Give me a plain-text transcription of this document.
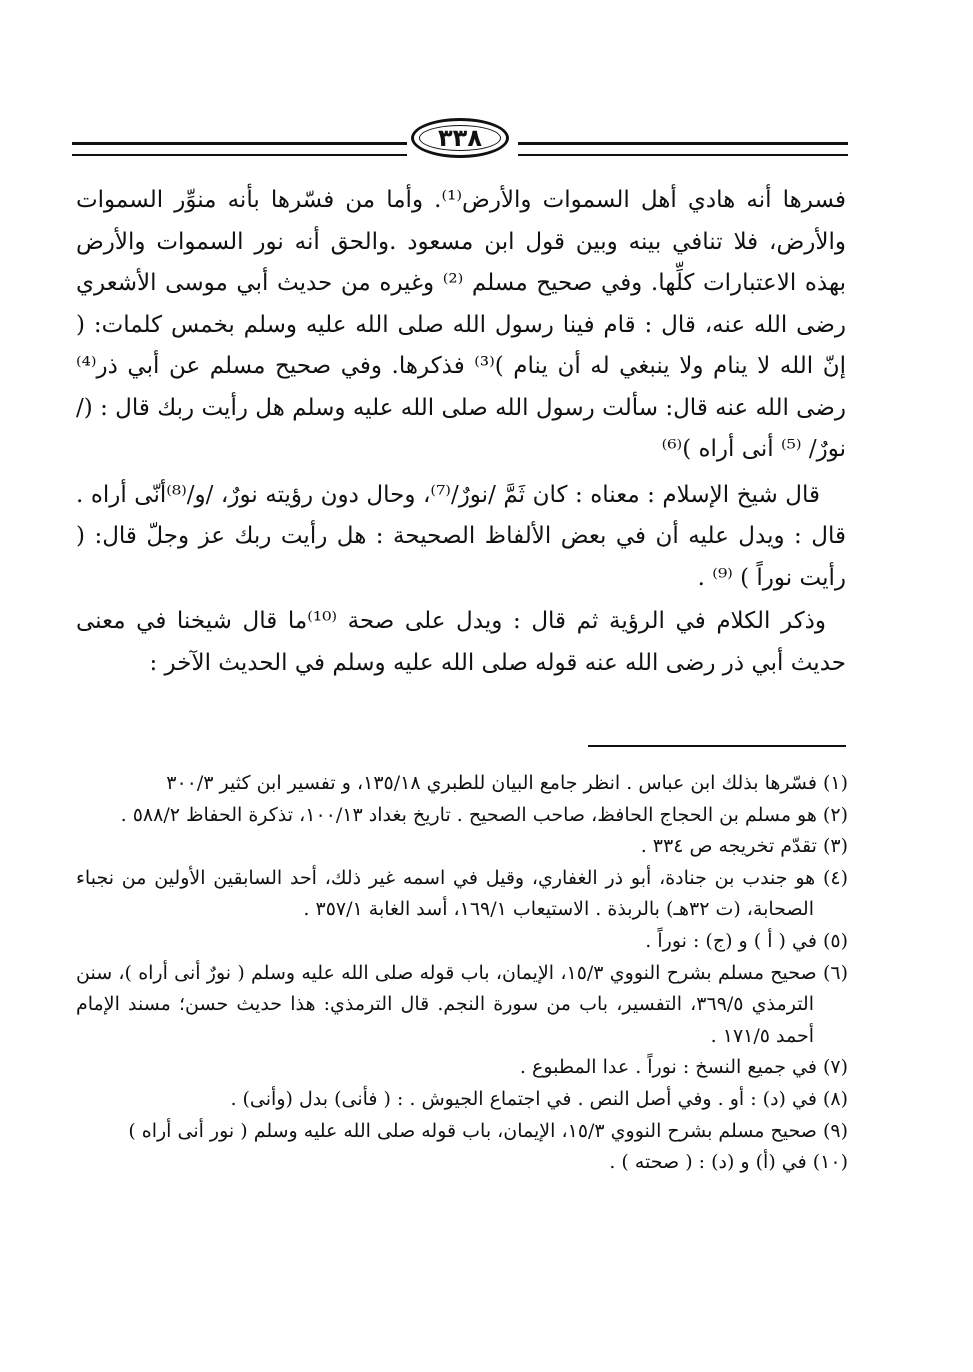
٣٣٨

فسرها أنه هادي أهل السموات والأرض⁽¹⁾. وأما من فسّرها بأنه منوِّر السموات والأرض، فلا تنافي بينه وبين قول ابن مسعود .والحق أنه نور السموات والأرض بهذه الاعتبارات كلِّها. وفي صحيح مسلم ⁽²⁾ وغيره من حديث أبي موسى الأشعري رضى الله عنه، قال : قام فينا رسول الله صلى الله عليه وسلم بخمس كلمات: ( إنّ الله لا ينام ولا ينبغي له أن ينام )⁽³⁾ فذكرها. وفي صحيح مسلم عن أبي ذر⁽⁴⁾ رضى الله عنه قال: سألت رسول الله صلى الله عليه وسلم هل رأيت ربك قال : (/نورٌ/ ⁽⁵⁾ أنى أراه )⁽⁶⁾

قال شيخ الإسلام : معناه : كان ثَمَّ /نورٌ/⁽⁷⁾، وحال دون رؤيته نورٌ، /و/⁽⁸⁾أنّى أراه . قال : ويدل عليه أن في بعض الألفاظ الصحيحة : هل رأيت ربك عز وجلّ قال: ( رأيت نوراً ) ⁽⁹⁾ .

وذكر الكلام في الرؤية ثم قال : ويدل على صحة ⁽¹⁰⁾ما قال شيخنا في معنى حديث أبي ذر رضى الله عنه قوله صلى الله عليه وسلم في الحديث الآخر :

(١) فسّرها بذلك ابن عباس . انظر جامع البيان للطبري ١٣٥/١٨، و تفسير ابن كثير ٣٠٠/٣

(٢) هو مسلم بن الحجاج الحافظ، صاحب الصحيح . تاريخ بغداد ١٠٠/١٣، تذكرة الحفاظ ٥٨٨/٢ .

(٣) تقدّم تخريجه ص ٣٣٤ .

(٤) هو جندب بن جنادة، أبو ذر الغفاري، وقيل في اسمه غير ذلك، أحد السابقين الأولين من نجباء الصحابة، (ت ٣٢هـ) بالربذة . الاستيعاب ١٦٩/١، أسد الغابة ٣٥٧/١ .

(٥) في ( أ ) و (ج) : نوراً .

(٦) صحيح مسلم بشرح النووي ١٥/٣، الإيمان، باب قوله صلى الله عليه وسلم ( نورٌ أنى أراه )، سنن الترمذي ٣٦٩/٥، التفسير، باب من سورة النجم. قال الترمذي: هذا حديث حسن؛ مسند الإمام أحمد ١٧١/٥ .

(٧) في جميع النسخ : نوراً . عدا المطبوع .

(٨) في (د) : أو . وفي أصل النص . في اجتماع الجيوش . : ( فأنى) بدل (وأنى) .

(٩) صحيح مسلم بشرح النووي ١٥/٣، الإيمان، باب قوله صلى الله عليه وسلم ( نور أنى أراه )

(١٠) في (أ) و (د) : ( صحته ) .
